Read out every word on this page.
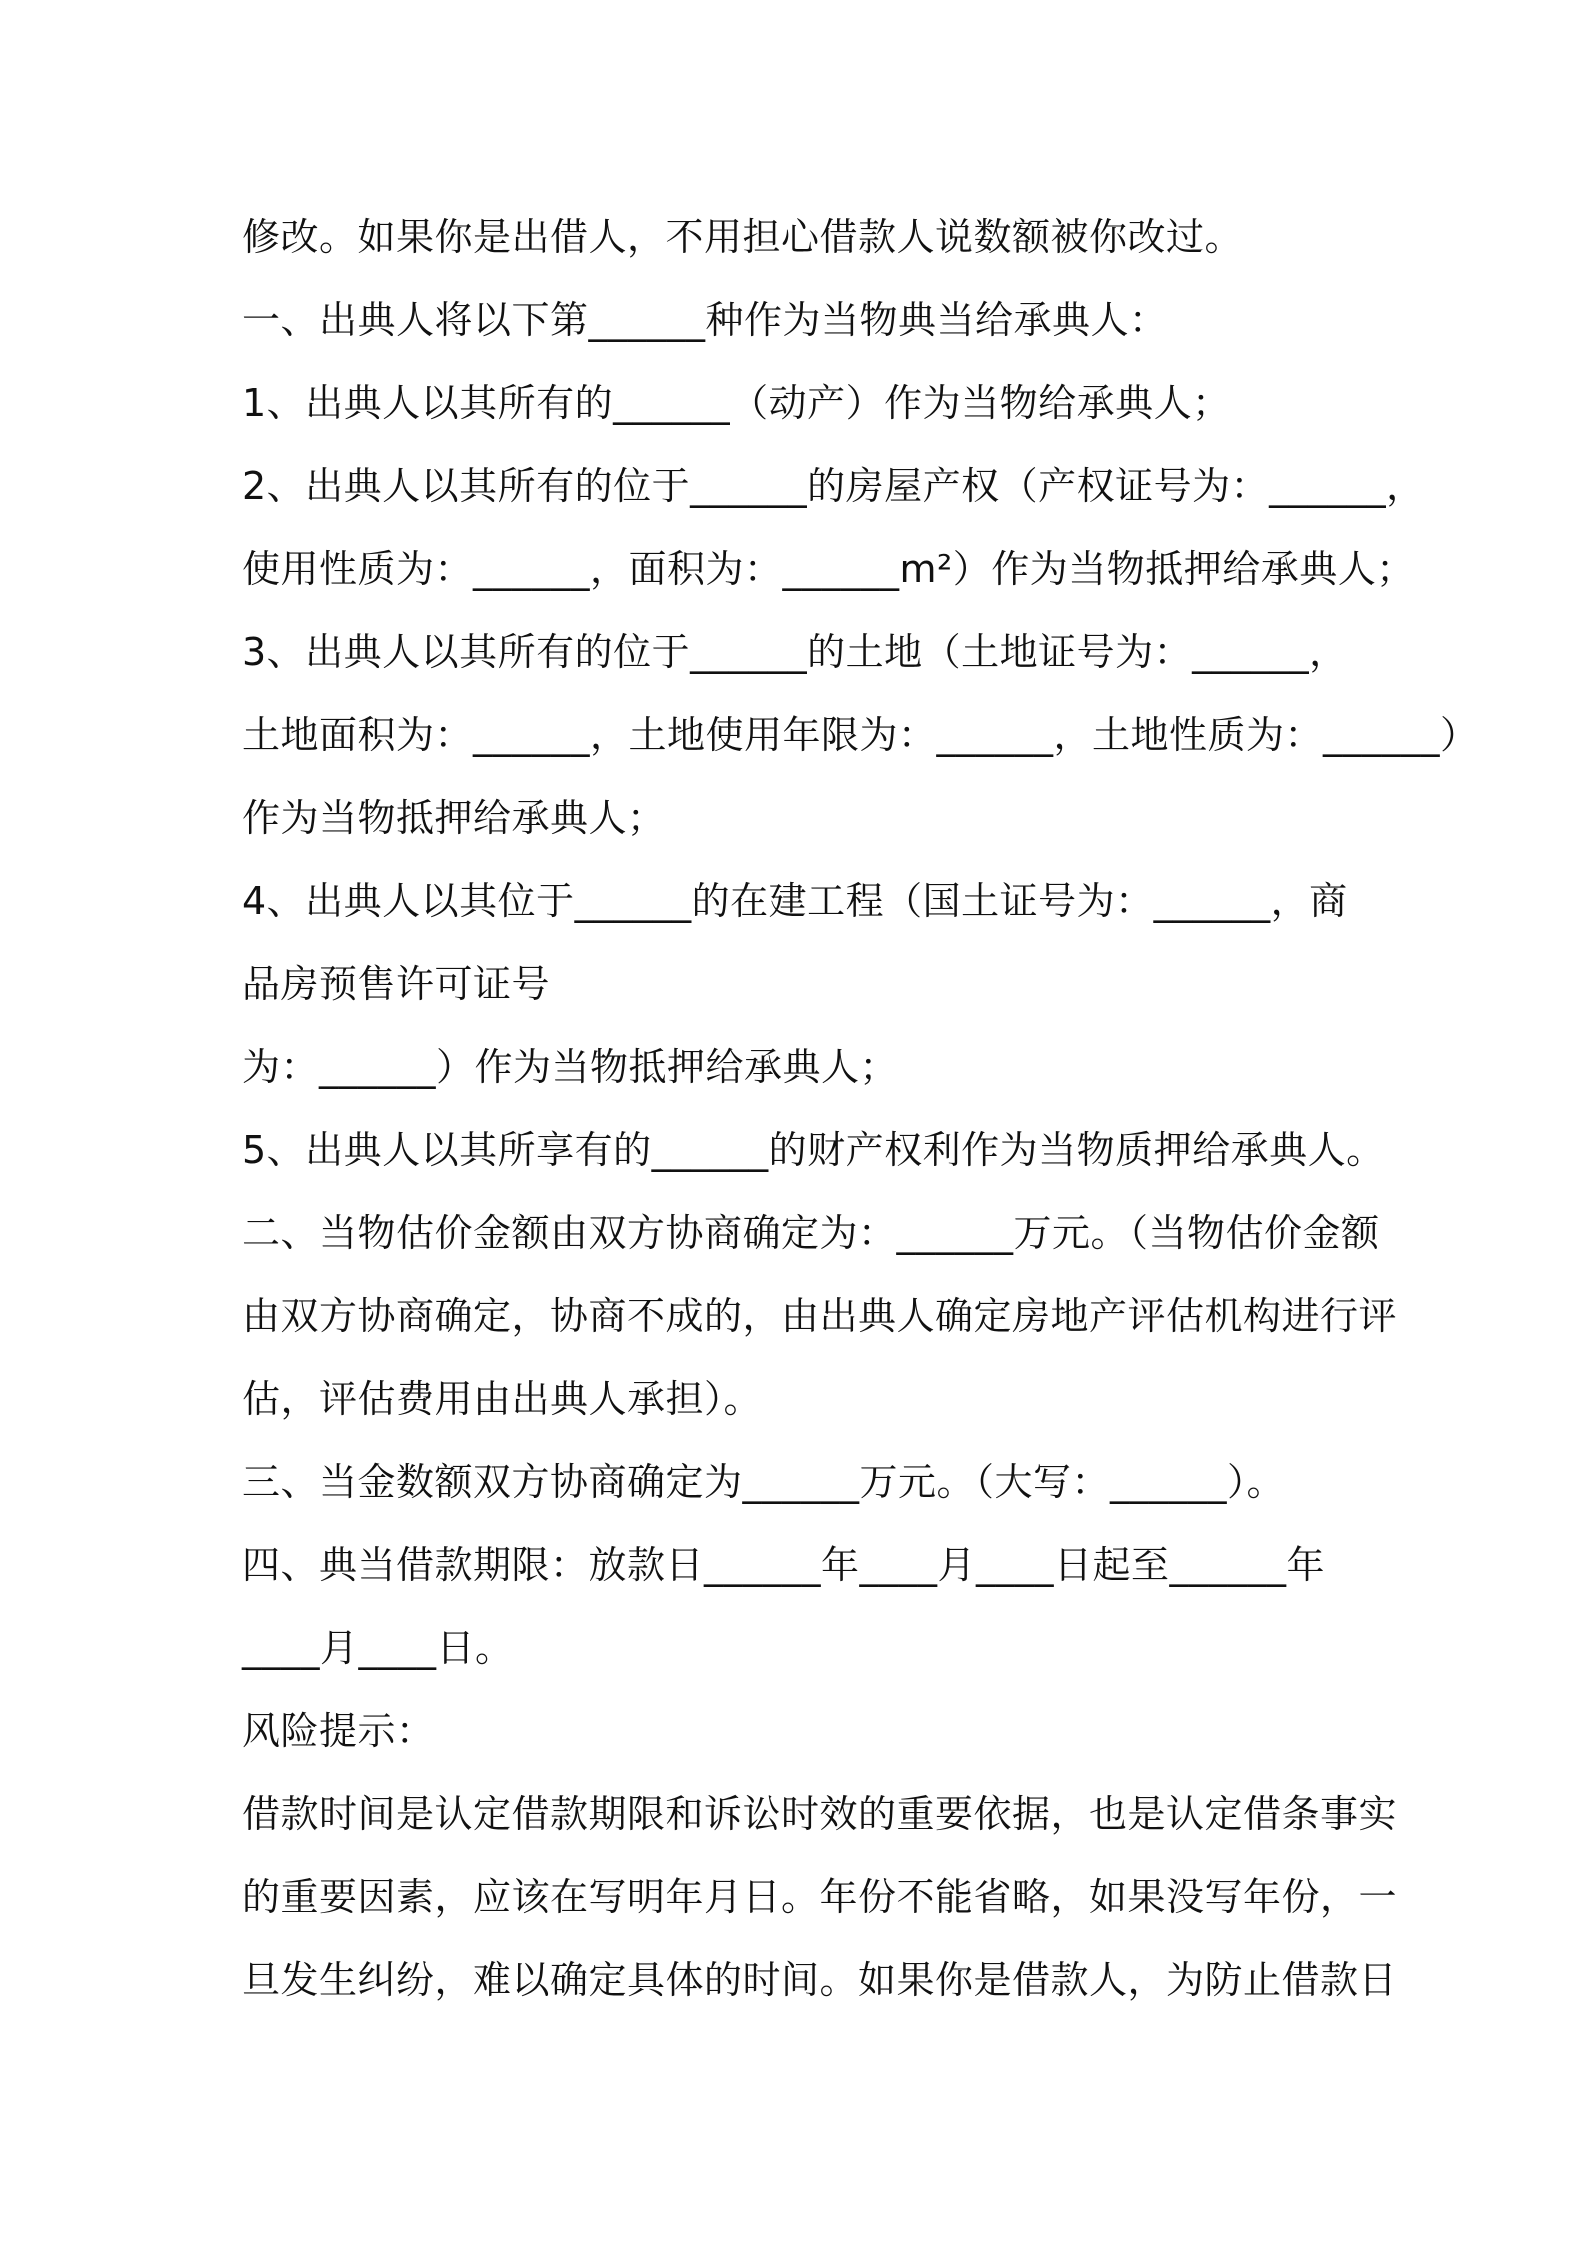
修改。如果你是出借人，不用担心借款人说数额被你改过。
一、出典人将以下第______种作为当物典当给承典人：
1、出典人以其所有的______（动产）作为当物给承典人；
2、出典人以其所有的位于______的房屋产权（产权证号为：______，
使用性质为：______，面积为：______m²）作为当物抵押给承典人；
3、出典人以其所有的位于______的土地（土地证号为：______，
土地面积为：______，土地使用年限为：______，土地性质为：______）
作为当物抵押给承典人；
4、出典人以其位于______的在建工程（国土证号为：______，商
品房预售许可证号
为：______）作为当物抵押给承典人；
5、出典人以其所享有的______的财产权利作为当物质押给承典人。
二、当物估价金额由双方协商确定为：______万元。（当物估价金额
由双方协商确定，协商不成的，由出典人确定房地产评估机构进行评
估，评估费用由出典人承担）。
三、当金数额双方协商确定为______万元。（大写：______）。
四、典当借款期限：放款日______年____月____日起至______年
____月____日。
风险提示：
借款时间是认定借款期限和诉讼时效的重要依据，也是认定借条事实
的重要因素，应该在写明年月日。年份不能省略，如果没写年份，一
旦发生纠纷，难以确定具体的时间。如果你是借款人，为防止借款日
